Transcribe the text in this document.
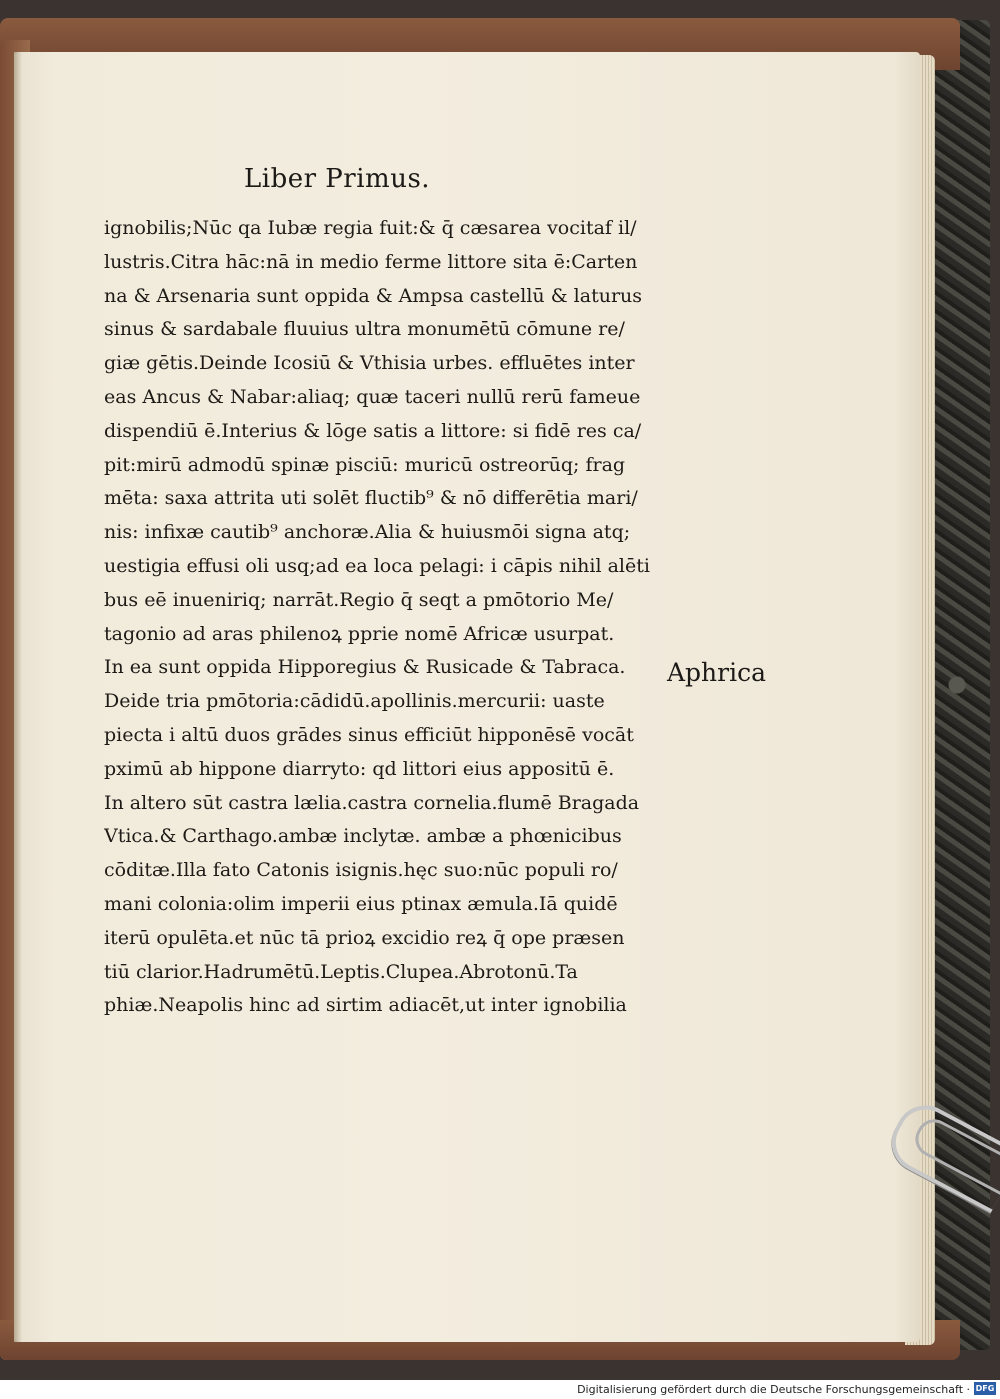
Liber Primus.
ignobilis;Nūc qa Iubæ regia fuit:& q̄ cæsarea vocitaf il/
lustris.Citra hāc:nā in medio ferme littore sita ē:Carten
na & Arsenaria sunt oppida & Ampsa castellū & laturus
sinus & sardabale fluuius ultra monumētū cōmune re/
giæ gētis.Deinde Icosiū & Vthisia urbes. effluētes inter
eas Ancus & Nabar:aliaq; quæ taceri nullū rerū fameue
dispendiū ē.Interius & lōge satis a littore: si fidē res ca/
pit:mirū admodū spinæ pisciū: muricū ostreorūq; frag
mēta: saxa attrita uti solēt fluctib⁹ & nō differētia mari/
nis: infixæ cautib⁹ anchoræ.Alia & huiusmōi signa atq;
uestigia effusi oli usq;ad ea loca pelagi: i cāpis nihil alēti
bus eē inueniriq; narrāt.Regio q̄ seqt a pmōtorio Me/
tagonio ad aras philenoꝝ pprie nomē Africæ usurpat.
In ea sunt oppida Hipporegius & Rusicade & Tabraca.
Deide tria pmōtoria:cādidū.apollinis.mercurii: uaste
piecta i altū duos grādes sinus efficiūt hipponēsē vocāt
pximū ab hippone diarryto: qd littori eius appositū ē.
In altero sūt castra lælia.castra cornelia.flumē Bragada
Vtica.& Carthago.ambæ inclytæ. ambæ a phœnicibus
cōditæ.Illa fato Catonis isignis.hęc suo:nūc populi ro/
mani colonia:olim imperii eius ptinax æmula.Iā quidē
iterū opulēta.et nūc tā prioꝝ excidio reꝝ q̄ ope præsen
tiū clarior.Hadrumētū.Leptis.Clupea.Abrotonū.Ta
phiæ.Neapolis hinc ad sirtim adiacēt,ut inter ignobilia
Aphrica
Digitalisierung gefördert durch die Deutsche Forschungsgemeinschaft · DFG
